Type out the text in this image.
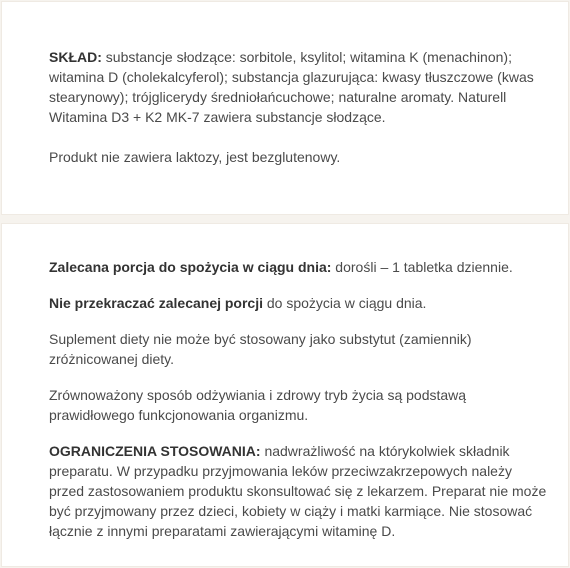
SKŁAD: substancje słodzące: sorbitole, ksylitol; witamina K (menachinon); witamina D (cholekalcyferol); substancja glazurująca: kwasy tłuszczowe (kwas stearynowy); trójglicerydy średniołańcuchowe; naturalne aromaty. Naturell Witamina D3 + K2 MK-7 zawiera substancje słodzące.

Produkt nie zawiera laktozy, jest bezglutenowy.

Zalecana porcja do spożycia w ciągu dnia: dorośli – 1 tabletka dziennie.

Nie przekraczać zalecanej porcji do spożycia w ciągu dnia.

Suplement diety nie może być stosowany jako substytut (zamiennik) zróżnicowanej diety.

Zrównoważony sposób odżywiania i zdrowy tryb życia są podstawą prawidłowego funkcjonowania organizmu.

OGRANICZENIA STOSOWANIA: nadwrażliwość na którykolwiek składnik preparatu. W przypadku przyjmowania leków przeciwzakrzepowych należy przed zastosowaniem produktu skonsultować się z lekarzem. Preparat nie może być przyjmowany przez dzieci, kobiety w ciąży i matki karmiące. Nie stosować łącznie z innymi preparatami zawierającymi witaminę D.
